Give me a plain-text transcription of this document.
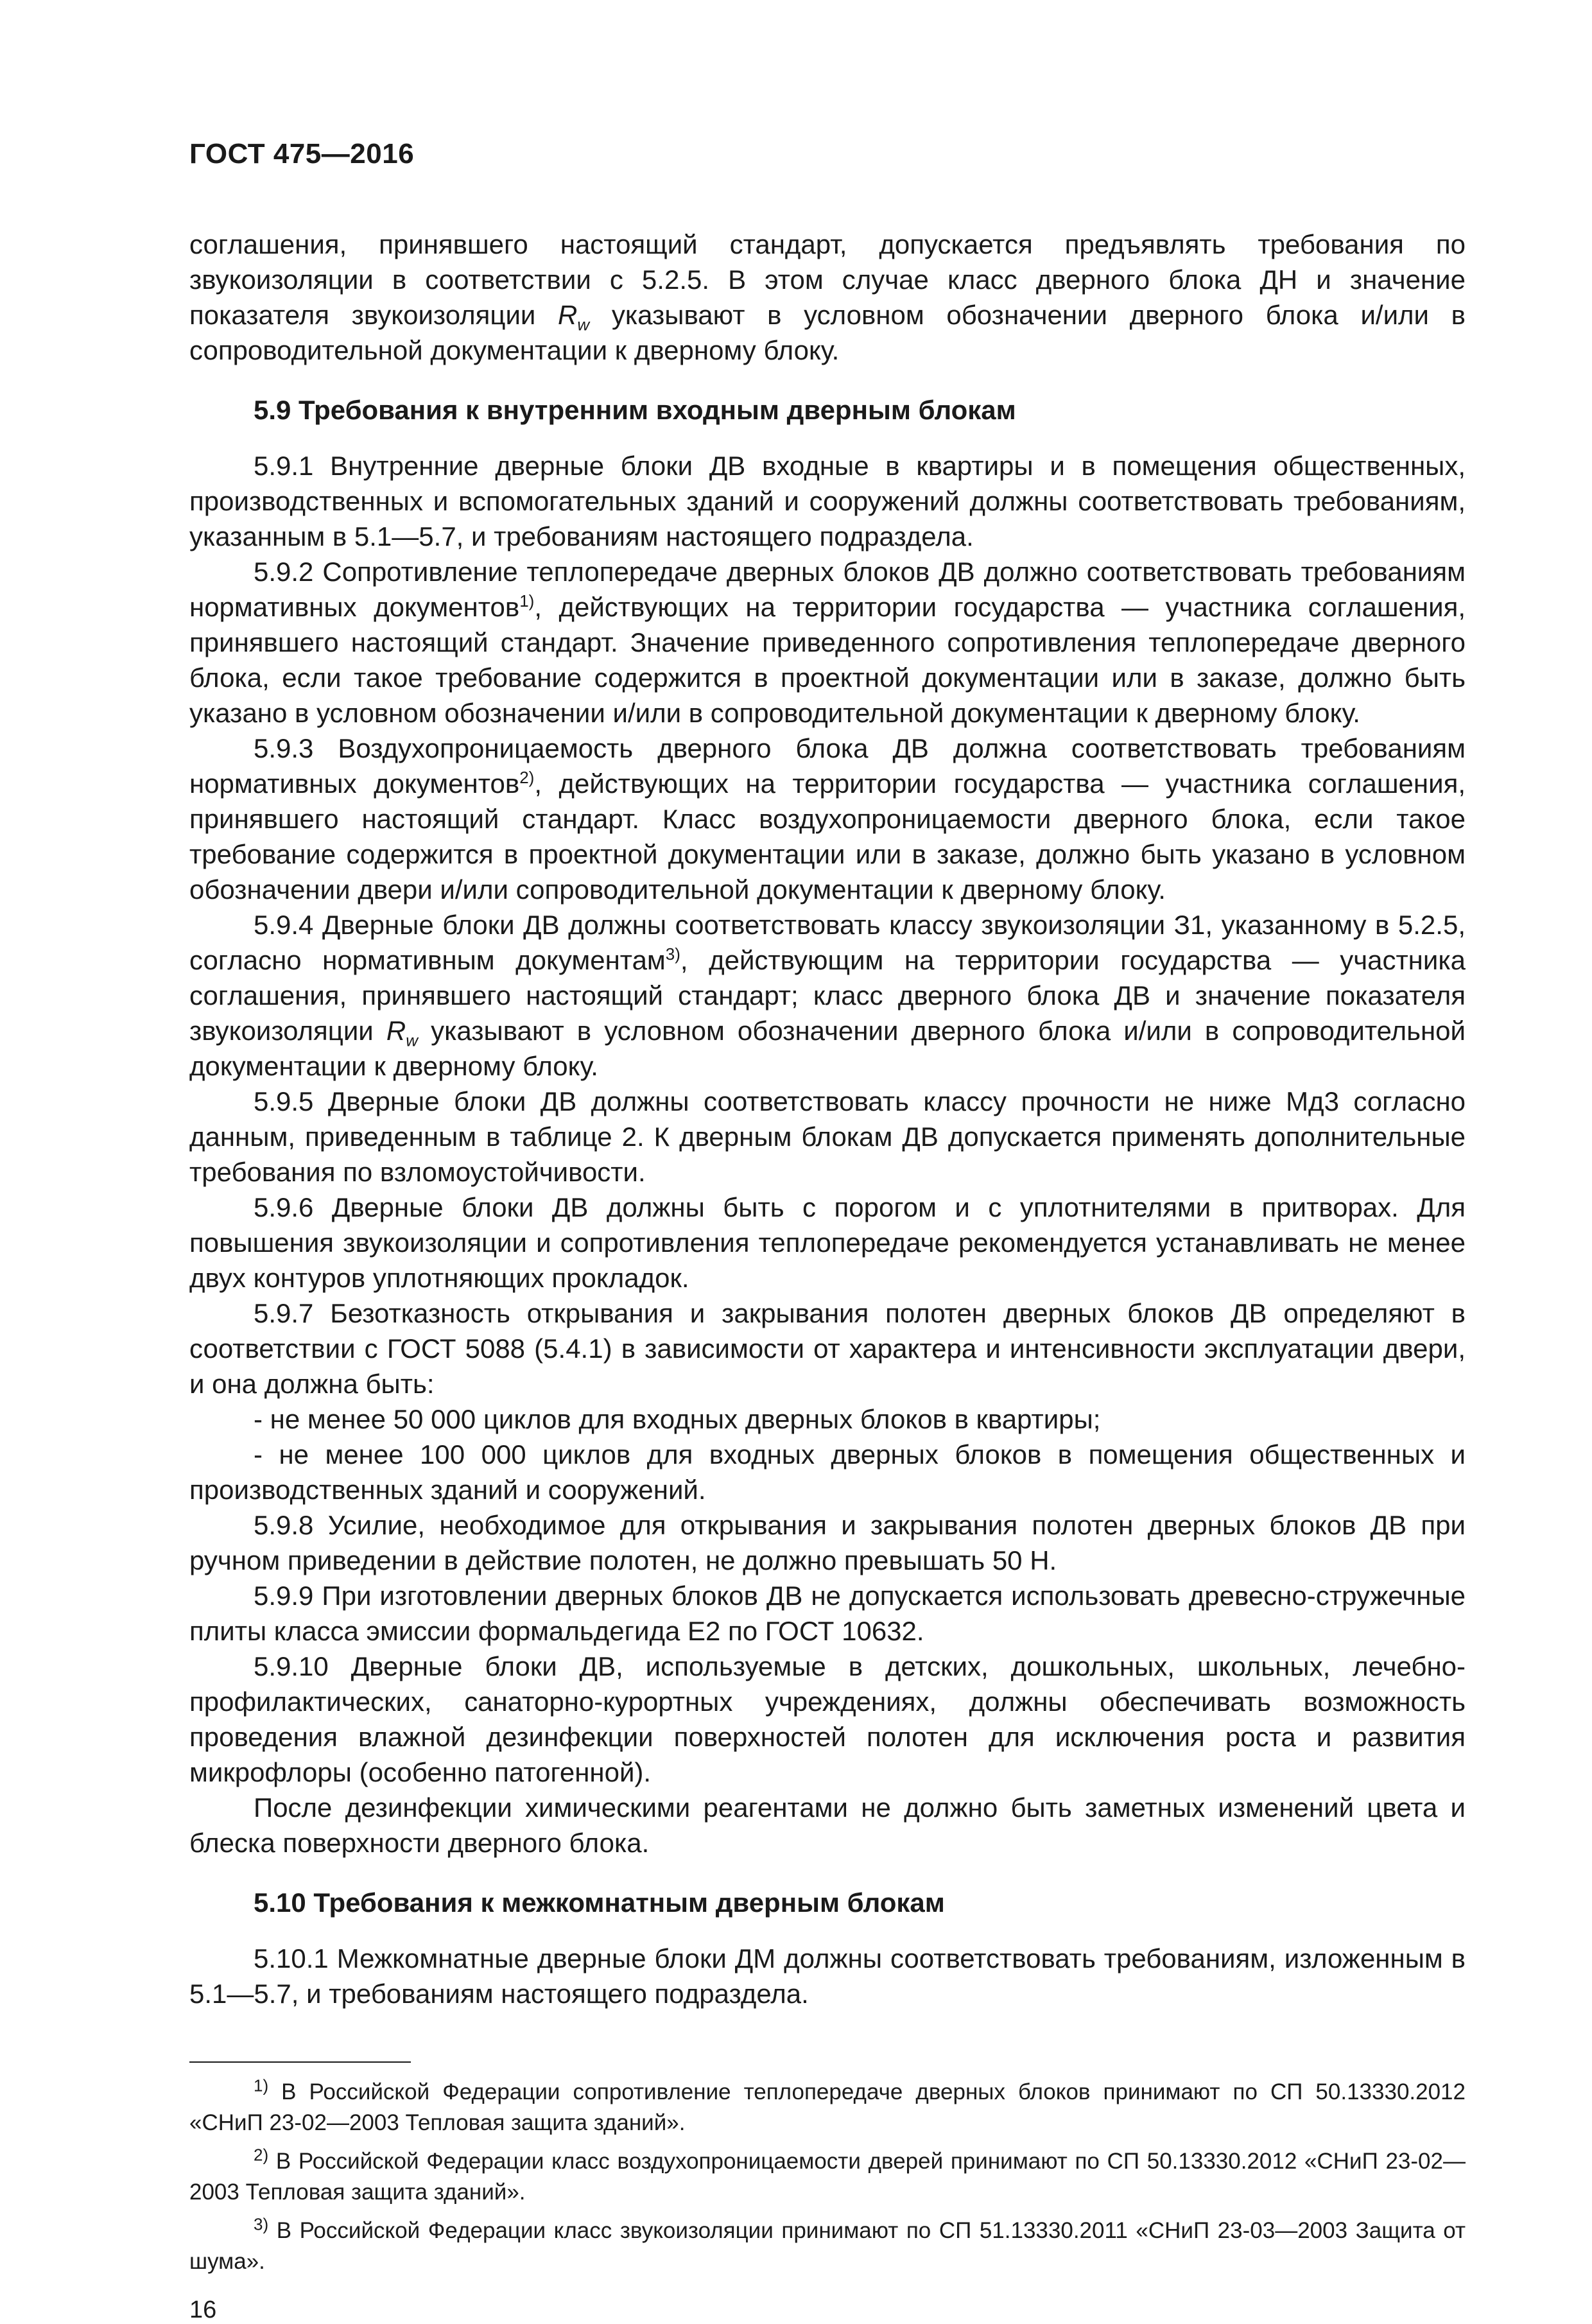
ГОСТ 475—2016

соглашения, принявшего настоящий стандарт, допускается предъявлять требования по звукоизоляции в соответствии с 5.2.5. В этом случае класс дверного блока ДН и значение показателя звукоизоляции $R_w$ указывают в условном обозначении дверного блока и/или в сопроводительной документации к дверному блоку.

5.9 Требования к внутренним входным дверным блокам

5.9.1 Внутренние дверные блоки ДВ входные в квартиры и в помещения общественных, производственных и вспомогательных зданий и сооружений должны соответствовать требованиям, указанным в 5.1—5.7, и требованиям настоящего подраздела.

5.9.2 Сопротивление теплопередаче дверных блоков ДВ должно соответствовать требованиям нормативных документов$^{1)}$, действующих на территории государства — участника соглашения, принявшего настоящий стандарт. Значение приведенного сопротивления теплопередаче дверного блока, если такое требование содержится в проектной документации или в заказе, должно быть указано в условном обозначении и/или в сопроводительной документации к дверному блоку.

5.9.3 Воздухопроницаемость дверного блока ДВ должна соответствовать требованиям нормативных документов$^{2)}$, действующих на территории государства — участника соглашения, принявшего настоящий стандарт. Класс воздухопроницаемости дверного блока, если такое требование содержится в проектной документации или в заказе, должно быть указано в условном обозначении двери и/или сопроводительной документации к дверному блоку.

5.9.4 Дверные блоки ДВ должны соответствовать классу звукоизоляции З1, указанному в 5.2.5, согласно нормативным документам$^{3)}$, действующим на территории государства — участника соглашения, принявшего настоящий стандарт; класс дверного блока ДВ и значение показателя звукоизоляции $R_w$ указывают в условном обозначении дверного блока и/или в сопроводительной документации к дверному блоку.

5.9.5 Дверные блоки ДВ должны соответствовать классу прочности не ниже Мд3 согласно данным, приведенным в таблице 2. К дверным блокам ДВ допускается применять дополнительные требования по взломоустойчивости.

5.9.6 Дверные блоки ДВ должны быть с порогом и с уплотнителями в притворах. Для повышения звукоизоляции и сопротивления теплопередаче рекомендуется устанавливать не менее двух контуров уплотняющих прокладок.

5.9.7 Безотказность открывания и закрывания полотен дверных блоков ДВ определяют в соответствии с ГОСТ 5088 (5.4.1) в зависимости от характера и интенсивности эксплуатации двери, и она должна быть:

- не менее 50 000 циклов для входных дверных блоков в квартиры;

- не менее 100 000 циклов для входных дверных блоков в помещения общественных и производственных зданий и сооружений.

5.9.8 Усилие, необходимое для открывания и закрывания полотен дверных блоков ДВ при ручном приведении в действие полотен, не должно превышать 50 Н.

5.9.9 При изготовлении дверных блоков ДВ не допускается использовать древесно-стружечные плиты класса эмиссии формальдегида Е2 по ГОСТ 10632.

5.9.10 Дверные блоки ДВ, используемые в детских, дошкольных, школьных, лечебно-профилактических, санаторно-курортных учреждениях, должны обеспечивать возможность проведения влажной дезинфекции поверхностей полотен для исключения роста и развития микрофлоры (особенно патогенной).

После дезинфекции химическими реагентами не должно быть заметных изменений цвета и блеска поверхности дверного блока.

5.10 Требования к межкомнатным дверным блокам

5.10.1 Межкомнатные дверные блоки ДМ должны соответствовать требованиям, изложенным в 5.1—5.7, и требованиям настоящего подраздела.

$^{1)}$ В Российской Федерации сопротивление теплопередаче дверных блоков принимают по СП 50.13330.2012 «СНиП 23-02—2003 Тепловая защита зданий».

$^{2)}$ В Российской Федерации класс воздухопроницаемости дверей принимают по СП 50.13330.2012 «СНиП 23-02—2003 Тепловая защита зданий».

$^{3)}$ В Российской Федерации класс звукоизоляции принимают по СП 51.13330.2011 «СНиП 23-03—2003 Защита от шума».

16
